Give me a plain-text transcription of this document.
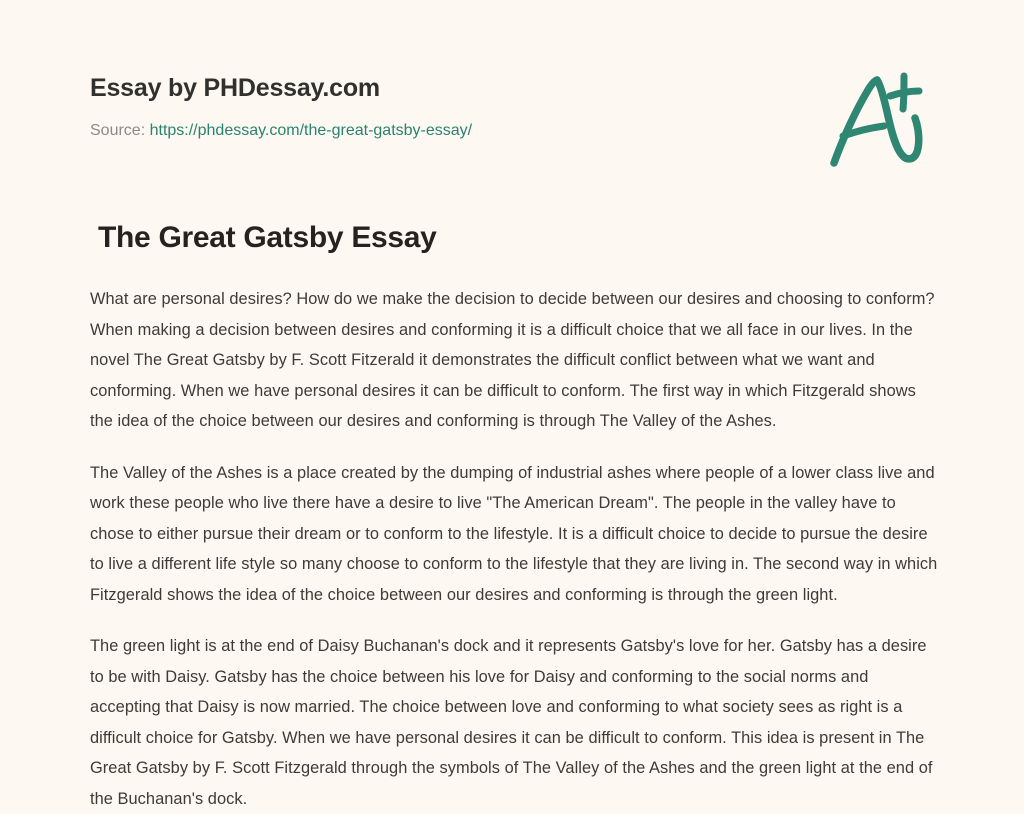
Essay by PHDessay.com
Source: https://phdessay.com/the-great-gatsby-essay/
The Great Gatsby Essay

What are personal desires? How do we make the decision to decide between our desires and choosing to conform? When making a decision between desires and conforming it is a difficult choice that we all face in our lives. In the novel The Great Gatsby by F. Scott Fitzerald it demonstrates the difficult conflict between what we want and conforming. When we have personal desires it can be difficult to conform. The first way in which Fitzgerald shows the idea of the choice between our desires and conforming is through The Valley of the Ashes.

The Valley of the Ashes is a place created by the dumping of industrial ashes where people of a lower class live and work these people who live there have a desire to live "The American Dream". The people in the valley have to chose to either pursue their dream or to conform to the lifestyle. It is a difficult choice to decide to pursue the desire to live a different life style so many choose to conform to the lifestyle that they are living in. The second way in which Fitzgerald shows the idea of the choice between our desires and conforming is through the green light.

The green light is at the end of Daisy Buchanan's dock and it represents Gatsby's love for her. Gatsby has a desire to be with Daisy. Gatsby has the choice between his love for Daisy and conforming to the social norms and accepting that Daisy is now married. The choice between love and conforming to what society sees as right is a difficult choice for Gatsby. When we have personal desires it can be difficult to conform. This idea is present in The Great Gatsby by F. Scott Fitzgerald through the symbols of The Valley of the Ashes and the green light at the end of the Buchanan's dock.
